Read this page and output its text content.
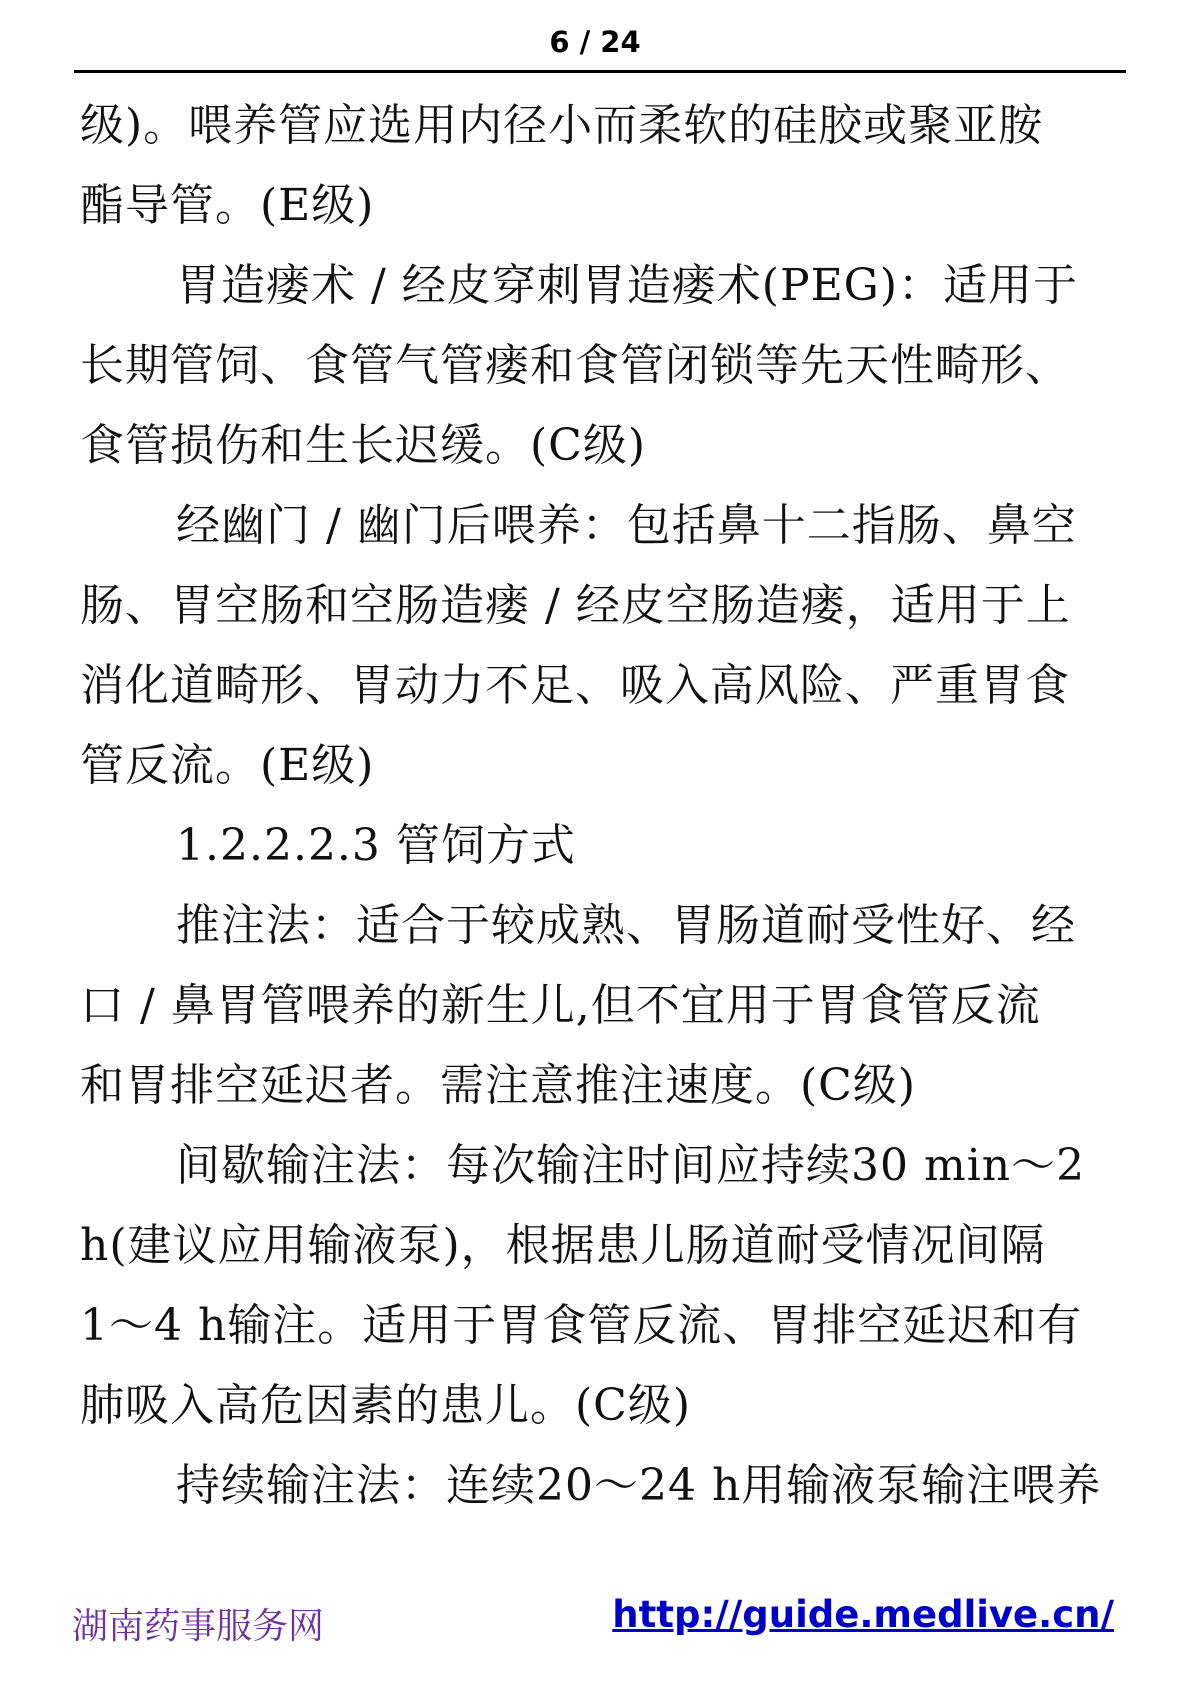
6 / 24
级)。喂养管应选用内径小而柔软的硅胶或聚亚胺
酯导管。(E级)
胃造瘘术 / 经皮穿刺胃造瘘术(PEG)：适用于
长期管饲、食管气管瘘和食管闭锁等先天性畸形、
食管损伤和生长迟缓。(C级)
经幽门 / 幽门后喂养：包括鼻十二指肠、鼻空
肠、胃空肠和空肠造瘘 / 经皮空肠造瘘，适用于上
消化道畸形、胃动力不足、吸入高风险、严重胃食
管反流。(E级)
1.2.2.2.3 管饲方式
推注法：适合于较成熟、胃肠道耐受性好、经
口 / 鼻胃管喂养的新生儿,但不宜用于胃食管反流
和胃排空延迟者。需注意推注速度。(C级)
间歇输注法：每次输注时间应持续30 min～2
h(建议应用输液泵)，根据患儿肠道耐受情况间隔
1～4 h输注。适用于胃食管反流、胃排空延迟和有
肺吸入高危因素的患儿。(C级)
持续输注法：连续20～24 h用输液泵输注喂养
湖南药事服务网	http://guide.medlive.cn/
